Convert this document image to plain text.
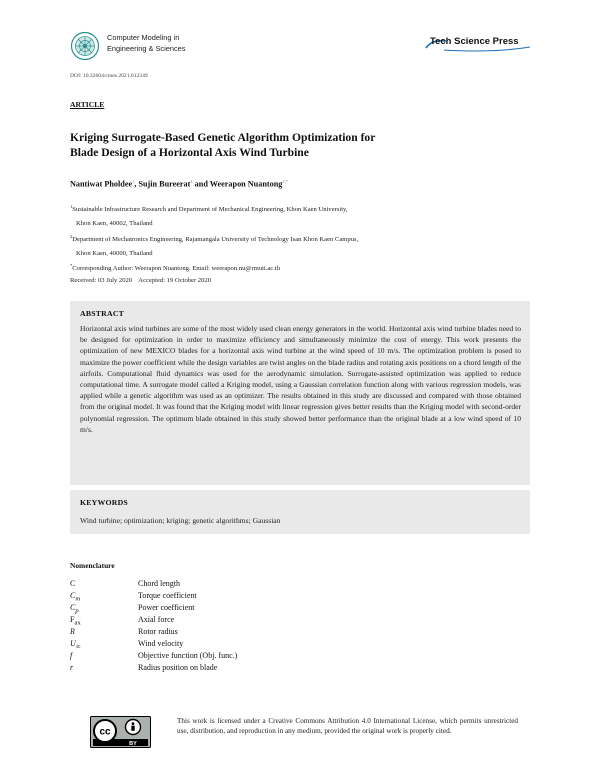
Computer Modeling in
Engineering & Sciences
Tech Science Press
DOI: 10.32604/cmes.2021.012349
ARTICLE
Kriging Surrogate-Based Genetic Algorithm Optimization for
Blade Design of a Horizontal Axis Wind Turbine
Nantiwat Pholdee$^1$, Sujin Bureerat$^1$ and Weerapon Nuantong$^{2,*}$
$^1$Sustainable Infrastructure Research and Department of Mechanical Engineering, Khon Kaen University,
Khon Kaen, 40002, Thailand
$^2$Department of Mechatronics Engineering, Rajamangala University of Technology Isan Khon Kaen Campus,
Khon Kaen, 40000, Thailand
*Corresponding Author: Weerapon Nuantong. Email: weerapon.nu@rmuti.ac.th
Received: 03 July 2020    Accepted: 19 October 2020
ABSTRACT
Horizontal axis wind turbines are some of the most widely used clean energy generators in the world. Horizontal axis wind turbine blades need to be designed for optimization in order to maximize efficiency and simultaneously minimize the cost of energy. This work presents the optimization of new MEXICO blades for a horizontal axis wind turbine at the wind speed of 10 m/s. The optimization problem is posed to maximize the power coefficient while the design variables are twist angles on the blade radius and rotating axis positions on a chord length of the airfoils. Computational fluid dynamics was used for the aerodynamic simulation. Surrogate-assisted optimization was applied to reduce computational time. A surrogate model called a Kriging model, using a Gaussian correlation function along with various regression models, was applied while a genetic algorithm was used as an optimizer. The results obtained in this study are discussed and compared with those obtained from the original model. It was found that the Kriging model with linear regression gives better results than the Kriging model with second-order polynomial regression. The optimum blade obtained in this study showed better performance than the original blade at a low wind speed of 10 m/s.
KEYWORDS
Wind turbine; optimization; kriging; genetic algorithms; Gaussian
Nomenclature
C	Chord length
$C_m$	Torque coefficient
$C_p$	Power coefficient
$F_{ax}$	Axial force
R	Rotor radius
$U_\infty$	Wind velocity
f	Objective function (Obj. func.)
r	Radius position on blade
cc
BY
This work is licensed under a Creative Commons Attribution 4.0 International License, which permits unrestricted use, distribution, and reproduction in any medium, provided the original work is properly cited.
